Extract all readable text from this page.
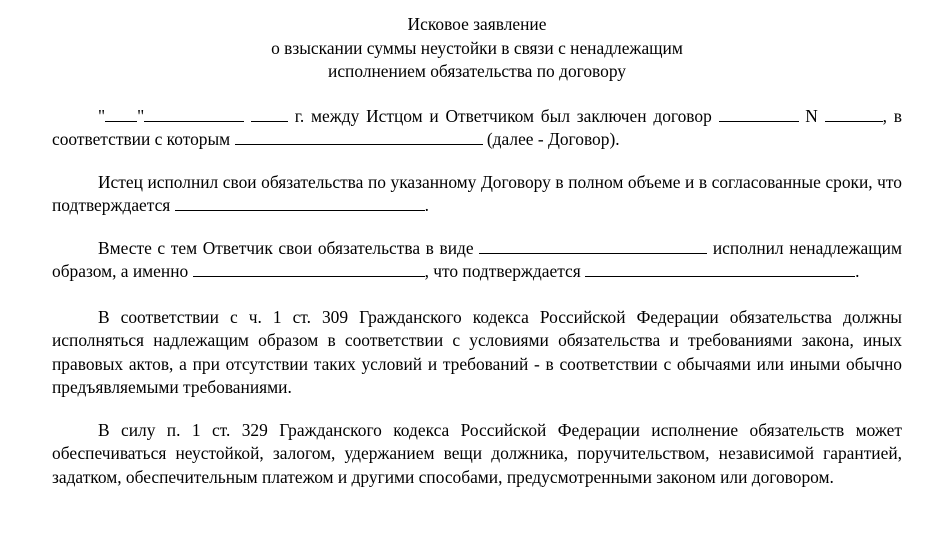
Исковое заявление
о взыскании суммы неустойки в связи с ненадлежащим
исполнением обязательства по договору

" "	г. между Истцом и Ответчиком был заключен договор	N	, в соответствии с которым	(далее - Договор).

Истец исполнил свои обязательства по указанному Договору в полном объеме и в согласованные сроки, что подтверждается	.

Вместе с тем Ответчик свои обязательства в виде	исполнил ненадлежащим образом, а именно	, что подтверждается	.

В соответствии с ч. 1 ст. 309 Гражданского кодекса Российской Федерации обязательства должны исполняться надлежащим образом в соответствии с условиями обязательства и требованиями закона, иных правовых актов, а при отсутствии таких условий и требований - в соответствии с обычаями или иными обычно предъявляемыми требованиями.

В силу п. 1 ст. 329 Гражданского кодекса Российской Федерации исполнение обязательств может обеспечиваться неустойкой, залогом, удержанием вещи должника, поручительством, независимой гарантией, задатком, обеспечительным платежом и другими способами, предусмотренными законом или договором.
